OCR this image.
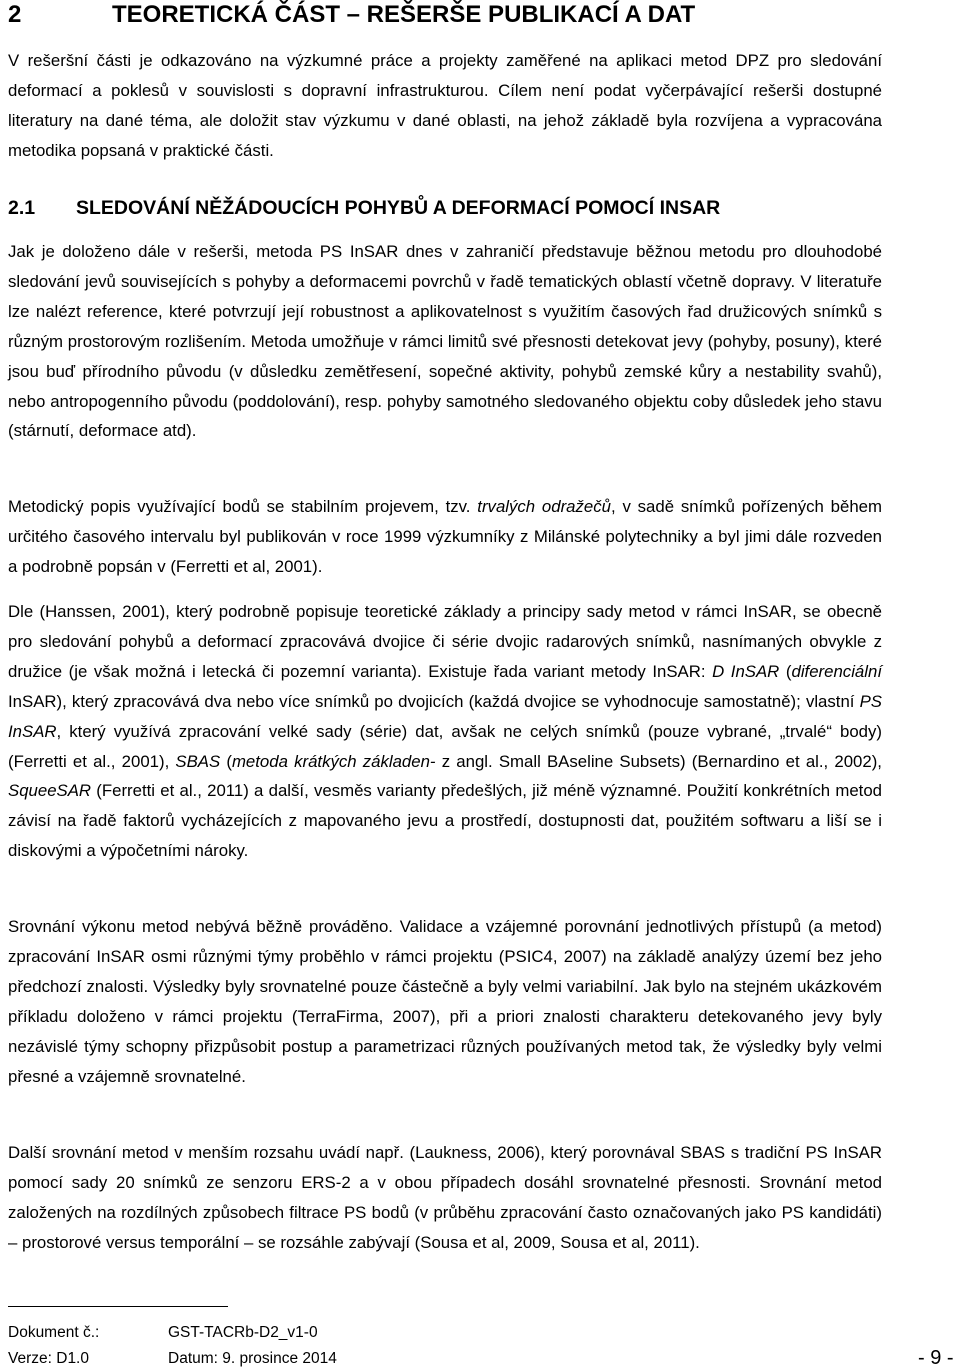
2	TEORETICKÁ ČÁST – REŠERŠE PUBLIKACÍ A DAT

V rešeršní části je odkazováno na výzkumné práce a projekty zaměřené na aplikaci metod DPZ pro sledování deformací a poklesů v souvislosti s dopravní infrastrukturou. Cílem není podat vyčerpávající rešerši dostupné literatury na dané téma, ale doložit stav výzkumu v dané oblasti, na jehož základě byla rozvíjena a vypracována metodika popsaná v praktické části.

2.1 SLEDOVÁNÍ NĚŽÁDOUCÍCH POHYBŮ A DEFORMACÍ POMOCÍ INSAR

Jak je doloženo dále v rešerši, metoda PS InSAR dnes v zahraničí představuje běžnou metodu pro dlouhodobé sledování jevů souvisejících s pohyby a deformacemi povrchů v řadě tematických oblastí včetně dopravy. V literatuře lze nalézt reference, které potvrzují její robustnost a aplikovatelnost s využitím časových řad družicových snímků s různým prostorovým rozlišením. Metoda umožňuje v rámci limitů své přesnosti detekovat jevy (pohyby, posuny), které jsou buď přírodního původu (v důsledku zemětřesení, sopečné aktivity, pohybů zemské kůry a nestability svahů), nebo antropogenního původu (poddolování), resp. pohyby samotného sledovaného objektu coby důsledek jeho stavu (stárnutí, deformace atd).

Metodický popis využívající bodů se stabilním projevem, tzv. trvalých odražečů, v sadě snímků pořízených během určitého časového intervalu byl publikován v roce 1999 výzkumníky z Milánské polytechniky a byl jimi dále rozveden a podrobně popsán v (Ferretti et al, 2001).

Dle (Hanssen, 2001), který podrobně popisuje teoretické základy a principy sady metod v rámci InSAR, se obecně pro sledování pohybů a deformací zpracovává dvojice či série dvojic radarových snímků, nasnímaných obvykle z družice (je však možná i letecká či pozemní varianta). Existuje řada variant metody InSAR: D InSAR (diferenciální InSAR), který zpracovává dva nebo více snímků po dvojicích (každá dvojice se vyhodnocuje samostatně); vlastní PS InSAR, který využívá zpracování velké sady (série) dat, avšak ne celých snímků (pouze vybrané, „trvalé“ body) (Ferretti et al., 2001), SBAS (metoda krátkých základen- z angl. Small BAseline Subsets) (Bernardino et al., 2002), SqueeSAR (Ferretti et al., 2011) a další, vesměs varianty předešlých, již méně významné. Použití konkrétních metod závisí na řadě faktorů vycházejících z mapovaného jevu a prostředí, dostupnosti dat, použitém softwaru a liší se i diskovými a výpočetními nároky.

Srovnání výkonu metod nebývá běžně prováděno. Validace a vzájemné porovnání jednotlivých přístupů (a metod) zpracování InSAR osmi různými týmy proběhlo v rámci projektu (PSIC4, 2007) na základě analýzy území bez jeho předchozí znalosti. Výsledky byly srovnatelné pouze částečně a byly velmi variabilní. Jak bylo na stejném ukázkovém příkladu doloženo v rámci projektu (TerraFirma, 2007), při a priori znalosti charakteru detekovaného jevy byly nezávislé týmy schopny přizpůsobit postup a parametrizaci různých používaných metod tak, že výsledky byly velmi přesné a vzájemně srovnatelné.

Další srovnání metod v menším rozsahu uvádí např. (Laukness, 2006), který porovnával SBAS s tradiční PS InSAR pomocí sady 20 snímků ze senzoru ERS-2 a v obou případech dosáhl srovnatelné přesnosti. Srovnání metod založených na rozdílných způsobech filtrace PS bodů (v průběhu zpracování často označovaných jako PS kandidáti) – prostorové versus temporální – se rozsáhle zabývají (Sousa et al, 2009, Sousa et al, 2011).

Dokument č.:	GST-TACRb-D2_v1-0
Verze: D1.0	Datum: 9. prosince 2014	- 9 -
